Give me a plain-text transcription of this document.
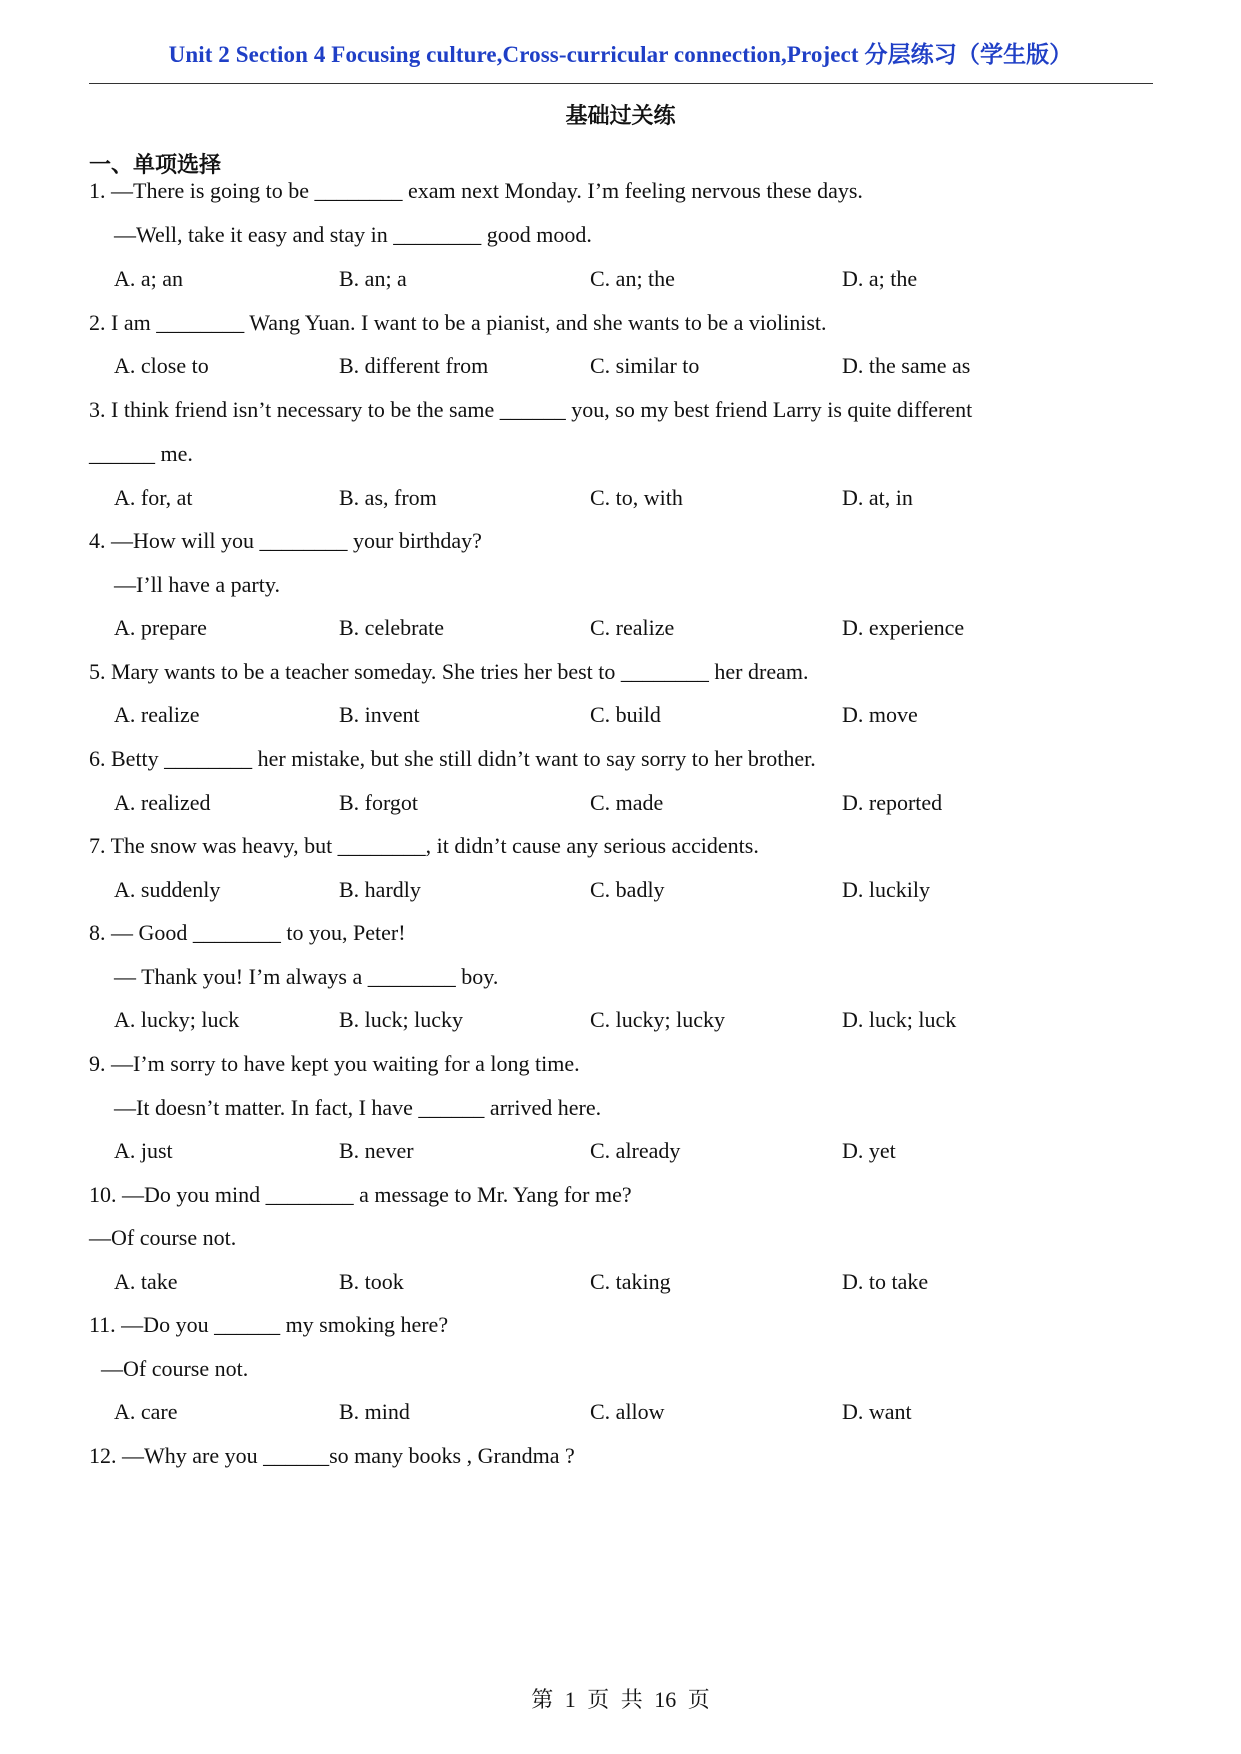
Unit 2 Section 4 Focusing culture,Cross-curricular connection,Project 分层练习（学生版）
基础过关练
一、单项选择
1. —There is going to be ________ exam next Monday. I’m feeling nervous these days.
—Well, take it easy and stay in ________ good mood.
A. a; an	B. an; a	C. an; the	D. a; the
2. I am ________ Wang Yuan. I want to be a pianist, and she wants to be a violinist.
A. close to	B. different from	C. similar to	D. the same as
3. I think friend isn’t necessary to be the same ______ you, so my best friend Larry is quite different
______ me.
A. for, at	B. as, from	C. to, with	D. at, in
4. —How will you ________ your birthday?
—I’ll have a party.
A. prepare	B. celebrate	C. realize	D. experience
5. Mary wants to be a teacher someday. She tries her best to ________ her dream.
A. realize	B. invent	C. build	D. move
6. Betty ________ her mistake, but she still didn’t want to say sorry to her brother.
A. realized	B. forgot	C. made	D. reported
7. The snow was heavy, but ________, it didn’t cause any serious accidents.
A. suddenly	B. hardly	C. badly	D. luckily
8. — Good ________ to you, Peter!
— Thank you! I’m always a ________ boy.
A. lucky; luck	B. luck; lucky	C. lucky; lucky	D. luck; luck
9. —I’m sorry to have kept you waiting for a long time.
—It doesn’t matter. In fact, I have ______ arrived here.
A. just	B. never	C. already	D. yet
10. —Do you mind ________ a message to Mr. Yang for me?
—Of course not.
A. take	B. took	C. taking	D. to take
11. —Do you ______ my smoking here?
—Of course not.
A. care	B. mind	C. allow	D. want
12. —Why are you ______so many books , Grandma ?
第 1 页 共 16 页
